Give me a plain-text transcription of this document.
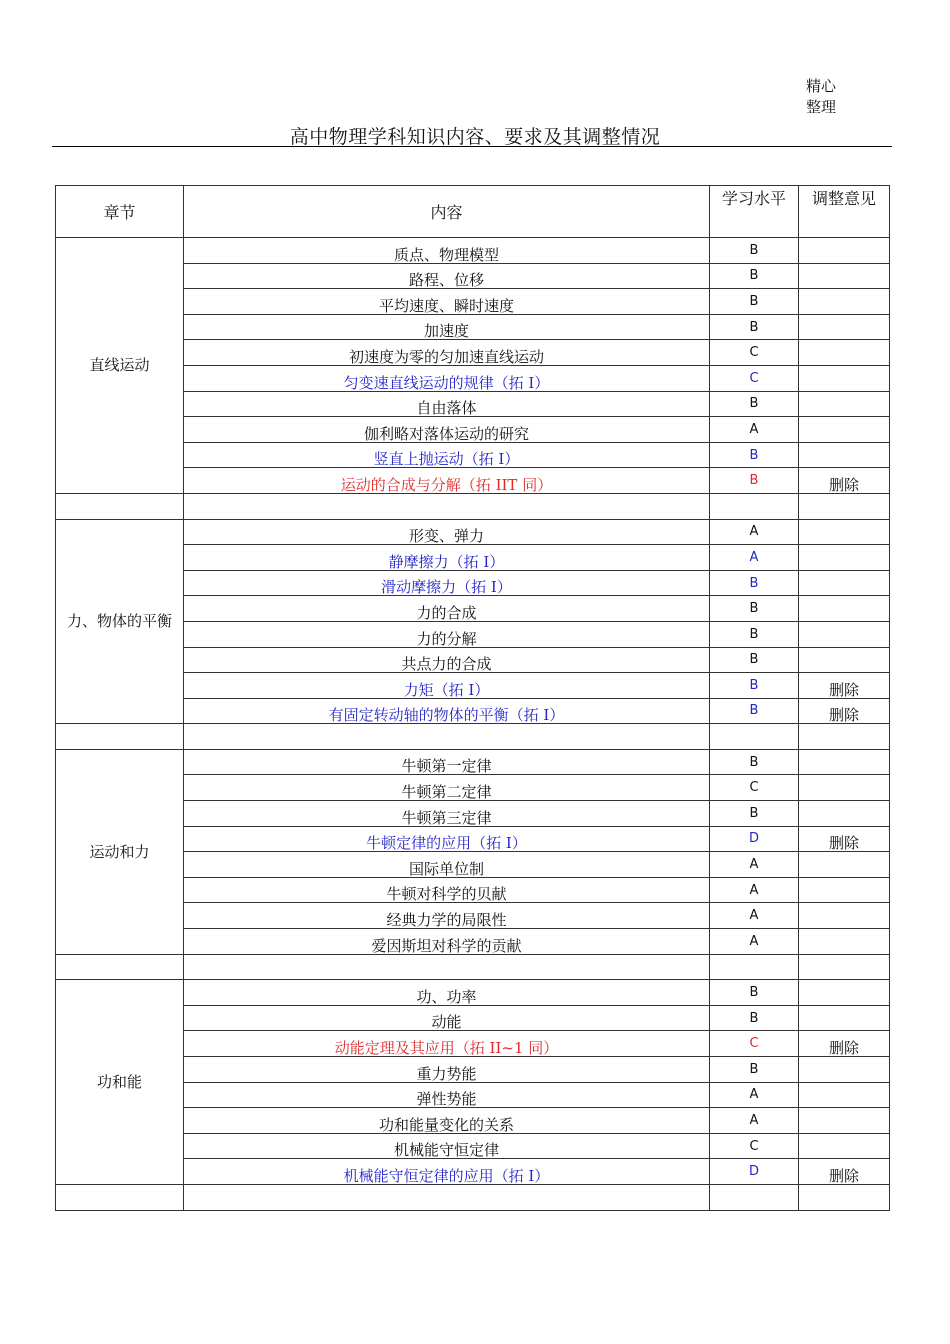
精心
整理
高中物理学科知识内容、要求及其调整情况
章节	内容	学习水平	调整意见
直线运动	质点、物理模型	B	
	路程、位移	B	
	平均速度、瞬时速度	B	
	加速度	B	
	初速度为零的匀加速直线运动	C	
	匀变速直线运动的规律（拓 I）	C	
	自由落体	B	
	伽利略对落体运动的研究	A	
	竖直上抛运动（拓 I）	B	
	运动的合成与分解（拓 IIT 同）	B	删除

力、物体的平衡	形变、弹力	A	
	静摩擦力（拓 I）	A	
	滑动摩擦力（拓 I）	B	
	力的合成	B	
	力的分解	B	
	共点力的合成	B	
	力矩（拓 I）	B	删除
	有固定转动轴的物体的平衡（拓 I）	B	删除

运动和力	牛顿第一定律	B	
	牛顿第二定律	C	
	牛顿第三定律	B	
	牛顿定律的应用（拓 I）	D	删除
	国际单位制	A	
	牛顿对科学的贝献	A	
	经典力学的局限性	A	
	爱因斯坦对科学的贡献	A	

功和能	功、功率	B	
	动能	B	
	动能定理及其应用（拓 II~1 同）	C	删除
	重力势能	B	
	弹性势能	A	
	功和能量变化的关系	A	
	机械能守恒定律	C	
	机械能守恒定律的应用（拓 I）	D	删除
